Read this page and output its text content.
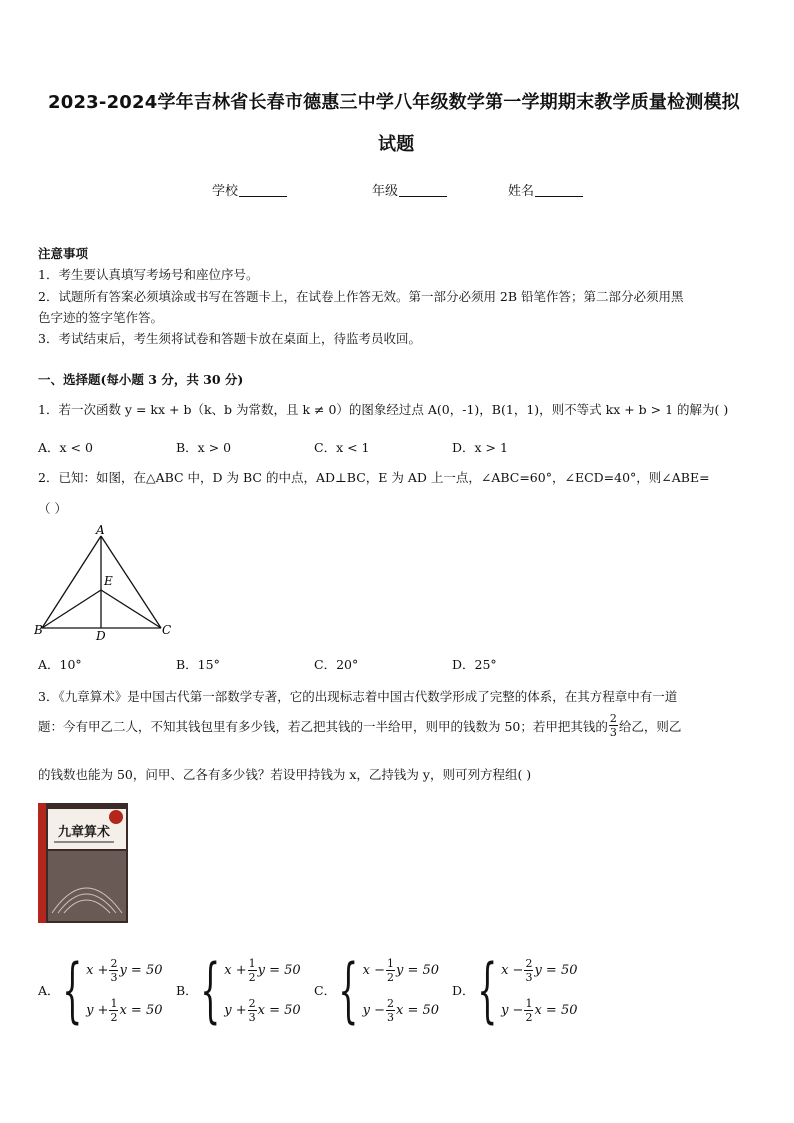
2023-2024学年吉林省长春市德惠三中学八年级数学第一学期期末教学质量检测模拟
试题
学校	年级	姓名
注意事项
1．考生要认真填写考场号和座位序号。
2．试题所有答案必须填涂或书写在答题卡上，在试卷上作答无效。第一部分必须用 2B 铅笔作答；第二部分必须用黑
色字迹的签字笔作答。
3．考试结束后，考生须将试卷和答题卡放在桌面上，待监考员收回。
一、选择题(每小题 3 分，共 30 分)
1．若一次函数 y = kx + b（k、b 为常数，且 k ≠ 0）的图象经过点 A(0，-1)，B(1，1)，则不等式 kx + b > 1 的解为( )
A．x < 0	B．x > 0	C．x < 1	D．x > 1
2．已知：如图，在△ABC 中，D 为 BC 的中点，AD⊥BC，E 为 AD 上一点，∠ABC=60°，∠ECD=40°，则∠ABE=
（ ）
A
B	C
D
E
A．10°	B．15°	C．20°	D．25°
3．《九章算术》是中国古代第一部数学专著，它的出现标志着中国古代数学形成了完整的体系，在其方程章中有一道
题：今有甲乙二人，不知其钱包里有多少钱，若乙把其钱的一半给甲，则甲的钱数为 50；若甲把其钱的 $\frac{2}{3}$ 给乙，则乙
的钱数也能为 50，问甲、乙各有多少钱？若设甲持钱为 x，乙持钱为 y，则可列方程组( )
九章算术
A． { $x + \frac{2}{3}$ y = 50
$y + \frac{1}{2}$ x = 50
B． { $x + \frac{1}{2}$ y = 50
$y + \frac{2}{3}$ x = 50
C． { $x - \frac{1}{2}$ y = 50
$y - \frac{2}{3}$ x = 50
D． { $x - \frac{2}{3}$ y = 50
$y - \frac{1}{2}$ x = 50
